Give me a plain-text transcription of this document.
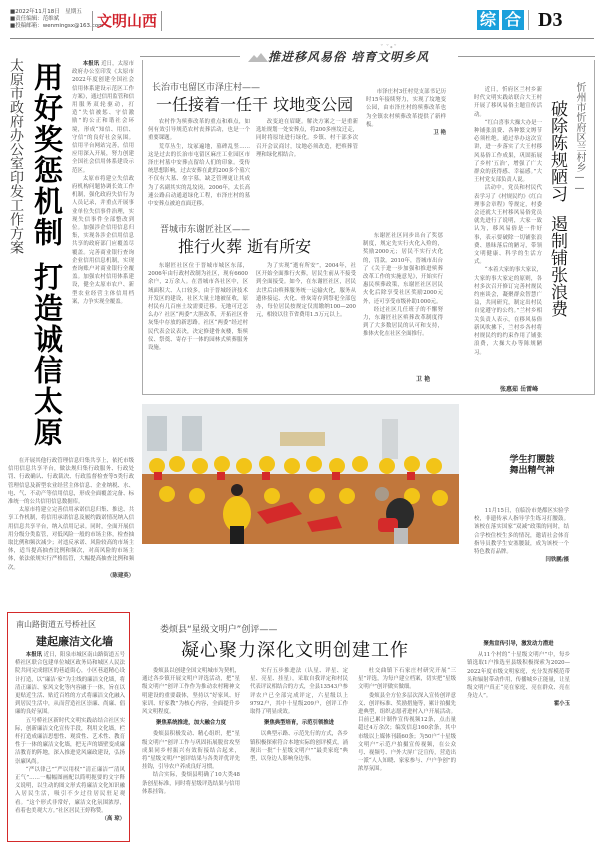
■2022年11月18日　星期五
■责任编辑：范维斌
■投稿邮箱：wenmingsx@163.com
文明山西	综 合 D3
太原市政府办公室印发工作方案 用好奖惩机制
打造诚信太原

本报讯 近日，太原市政府办公室印发《太原市2022年度创建全国社会信用体系建设示范区工作方案》，通过信用监管和信用服务双轮驱动，打造“失信被惩、守信激励”的公正和谐社会环境，形成“知信、用信、守信”的良好社会氛围。信用平台网站完善，信用应用深入开展，努力创建全国社会信用体系建设示范区。

太原市将建立失信政府机构问题协调长效工作机制，强化政府失信行为人员记录，并重点开展事业单位失信事件治理，实现失信事件全部整改到位。加强涉企信用信息归集，实现各涉企信用信息共享的政府部门应覆盖尽覆盖。完善商业银行查询企业信用信息机制，实现查询账户对商业银行全覆盖。加强农村信用体系建设，健全太原市农户、新型农业经营主体信用档案，力争实现全覆盖。

在开展其他行政管理信息归集共享上，依托市级信用信息共享平台，做法规归集行政服务、行政处罚、行政确认、行政裁决、行政监督检查等5类行政管理信息及新型农业经营主体信息、企业纳税、水、电、气、不动产等信用信息，形成全面覆盖完备、标准统一的公共信用信息数据库。

太原市将建立完善信用承诺信息归集、推送、共享工作机制，将信用承诺信息及履约践诺情况纳入信用信息共享平台，纳入信用记录。同时，全面开展信用分级分类监管，对低风险一般的市场主体，检查抽取比例和频次减少；对违反承诺、风险较高的市场主体，适当提高抽查比例和频次，对高风险的市场主体，依法依规实行严格监管，大幅提高抽查比例和频次。

（陈建英）
南山路街道五号桥社区
建起廉洁文化墙

本报讯 近日，阳泉市城区南山路街道五号桥社区联合包建单位城区政务局和城区人民法院共同完成辖区的巷道街心，小区巷道精心设计打造，以“廉洁·家”为主线的廉洁文化墙，将清正廉洁、家风文化等内容融于一体，旨在以更贴近生活、贴近百姓的方式将廉洁文化融入到居民生活中，从而营造社区崇廉、尚廉、倡廉的良好氛围。

五号桥社区新时代文明实践站结合社区实际，创新廉洁文化宣传手段，利用文化墙，栏杆打造成廉洁思想性、观赏性、艺术性、教育性于一体的廉洁文化墙，把无声的墙壁变成廉洁教育的阵地，深入推进党风廉政建设，弘扬崇廉风尚。

“严以律己”“严以用权”“清正廉洁”“清风正气”……一幅幅图画配以简明扼要的文字释义说明，以生动的图文形式将廉洁文化知识融入居民生活，吸引不少过往居民驻足观看。“这个形式非常好，廉洁文化氛围浓厚，看着也美观大方。”社区居民王婷称赞。

（高 琼）
推进移风易俗 培育文明乡风
ˇ ˇ•ˇ
长治市屯留区市泽庄村——
一任接着一任干 坟地变公园

农村作为殡葬改革的重点和难点，如何有效引导规范农村丧葬活动，也是一个重要课题。

荒草丛生，坟冢遍地，墓碑乱竖……这是过去的长治市屯留区麻庄工业园区市泽庄村墓中安葬点留给人们的印象。受传统思想影响，过去安葬在此的200多个墓穴不仅有大墓、垒字墓，缺乏管理更让其成为了名副其实的乱坟岗。2006年，太长高速公路启动通道绿化工程，市泽庄村的墓中安葬点被迫直面迁移。

改变迫在眉睫。解决方案之一是重新选址规划一处安葬点，将200多座坟迁走，同时将原址进行绿化。乡镇、村干部多次召开会议商讨，坟地必须改造，把殡葬管理和绿化相结合。

市泽庄村3任村党支部书记历时15年接续努力，实现了坟地变公园，由市泽庄村的殡葬改革也为全镇农村殡葬改革提供了新样板。

卫 艳
晋城市东谢匠社区——
推行火葬 逝有所安

东谢匠社区位于晋城市城区东部，2006年由行政村改制为社区，现有6600余户，2万余人。在晋城市各社区中，区域面积大、人口较多，由于晋城经济技术开发区的建设，社区大量土地被征收，原村民有几百座土坟需要迁移。无地可迁怎么办？社区“两委”大胆改革，开拓社区骨灰集中存放的新思路。社区“两委”经过村民代表会议表决，决定修建骨灰楼，集殡仪、祭奠、寄存于一体的园林式殡葬服务设施。

为了实现“逝有所安”，2004年，社区开始全面推行火葬，居民生前从不接受到全面接受。如今，在东谢匠社区，居民去世后由殡葬服务统一运输火化，服务从遗体接运、火化、骨灰寄存到祭祀全部包办，每位居民按规定仅需缴纳100—200元，相较以往节省费用1.5万元以上。

东谢匠社区同步出台了奖惩制度，规定先实行火化入殓的，奖励2000元；居民不实行火化的，罚款。2010年，晋城市出台了《关于进一步加强和推进殡葬改革工作的实施意见》，开始实行惠民殡葬政策，东谢匠社区居民火化后除享受社区奖励2000元外，还可享受市级补助1000元。

经过社区几任班子的不懈努力，东谢匠社区殡葬改革制度得到了大多数居民的认可和支持，推体火化在社区全面推行。

卫 艳

近日，忻府区兰村乡新时代文明实践站联合大王村开展了移风易俗主题宣传活动。

“红白喜事大操大办是一种铺张浪费、各种繁文缛节必须杜绝。通过举办这次宣讲，进一步落实了大王村移风易俗工作成果，巩固拓展了乡村‘五治’，增强了广大群众的获得感、幸福感。”大王村党支部负责人说。

活动中，党员和村民代表学习了《村规民约》《红白理事会章程》等规定，村委会还就大王村移风易俗党员就先进行了说明，大家一致认为，移风易俗是一件好事，表示要破除一切铺张浪费、愚昧落后的陋习，带领文明健康、科学的生活方式。

“本着大家的事大家议，大家的事大家定的原则，各村多次召开修订完善村规民约座谈会，凝聚群众智慧广益，共同研究，制定出村民自觉遵守的公约。”兰村乡相关负责人表示，在移风易俗新风吹拂下，兰村乡各村将村规民约的约束作用了铺张浪费，大操大办等陈规陋习。

张惠茹 岳雷峰
忻州市忻府区兰村乡——
破除陈规陋习
遏制铺张浪费
学生打腰鼓
舞出精气神

11月15日，在临汾市尧都区实验学校，非遗传承人指导学生练习打腰鼓。该校在落实国家“双减”政策的同时，结合学校住校生多的情况，邀请社会体育指导员教学生安塞腰鼓，成为该校一个特色教育品牌。

闫铁鹏/摄
娄烦县“星级文明户”创评——
凝心聚力深化文明创建工作

娄烦县以创建全国文明城市为契机，通过各乡镇开展文明户评选活动，把“星级文明户”创评工作作为推动农村精神文明建设的重要载体，坚持以“好家风、好家训、好家教”为核心内容，全面提升乡风文明程度。

聚焦系统推进，加大融合力度

娄烦县积极发动、精心组织，把“星级文明户”创评工作与巩固拓展脱贫攻坚成果同乡村振兴有效衔接结合起来，将“星级文明户”创评结果与各类评优评先挂钩，引导农户养成良好习惯。

结合实际，娄烦县明确了10大类48条创星标准，同时将星级评选结果与信用体系挂钩。

实行五步推进法（认星、评星、定星、亮星、挂星），采取自我评定和村民代表评议相结合的方式，全县13543户参评农户已全部完成评定，六星级以上9792户，其中十星级209户，创评工作取得了明显成效。

聚焦典型培育，示范引领推进

以典型示路、示范先行的方式，各乡镇积极探索符合本地实际的创评模式，涌现出一批“十星级文明户”“最美家庭”典型，以身边人影响身边事。

杜交曲镇下石家庄村研究开展“三星”评选，为每户建立档案，切实把“星级文明户”创评做实做细。

娄烦县全方位多层次深入宣传创评意义、创评标准、奖励措施等，累计拍摄先进典型，组织志愿者进村入户开展活动。目前已累计制作宣传视频12条，点击量超过4万余次；编发信息160余条，其中市级以上媒体刊载60条；为50户“十星级文明户”示范户拍摄宣传视频，在公众号、视频号、户外大屏广泛宣传，营造出一派“人人知晓、家家参与、户户争创”的浓厚氛围。

聚焦宣传引导，激发动力潜进

从11个村的“十星级文明户”中，每乡镇选取1户推选至县级积极探索为2020—2022年度市级文明家庭，充分发挥模范带头和辐射带动作用，传播城乡正能量，让星级文明户真正“亮在家庭、亮在群众、亮在身边人”。

霍小玉
